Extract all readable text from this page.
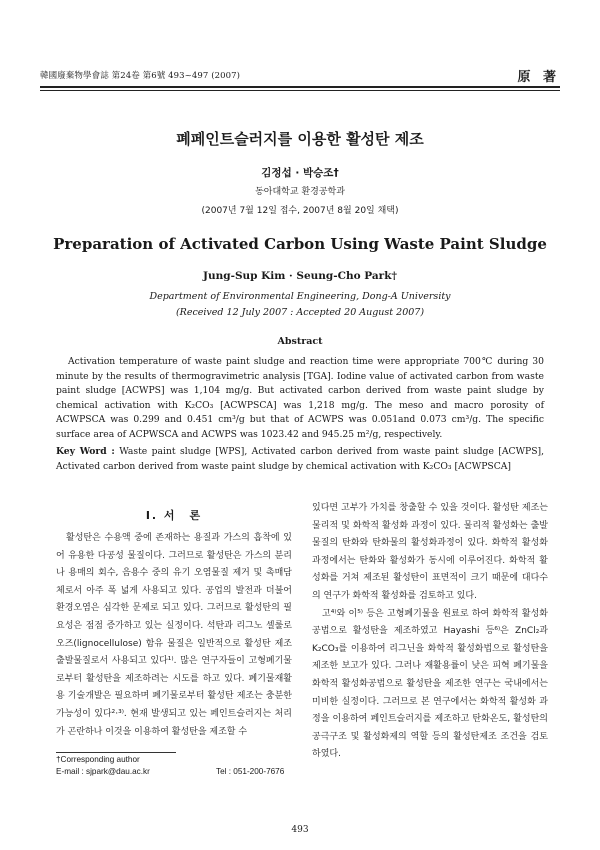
韓國廢棄物學會誌 第24卷 第6號 493~497 (2007)	原 著
폐페인트슬러지를 이용한 활성탄 제조
김정섭 · 박승조†
동아대학교 환경공학과
(2007년 7월 12일 접수, 2007년 8월 20일 채택)
Preparation of Activated Carbon Using Waste Paint Sludge
Jung-Sup Kim · Seung-Cho Park†
Department of Environmental Engineering, Dong-A University
(Received 12 July 2007 : Accepted 20 August 2007)
Abstract
Activation temperature of waste paint sludge and reaction time were appropriate 700℃ during 30 minute by the results of thermogravimetric analysis [TGA]. Iodine value of activated carbon from waste paint sludge [ACWPS] was 1,104 mg/g. But activated carbon derived from waste paint sludge by chemical activation with K₂CO₃ [ACWPSCA] was 1,218 mg/g. The meso and macro porosity of ACWPSCA was 0.299 and 0.451 cm³/g but that of ACWPS was 0.051and 0.073 cm³/g. The specific surface area of ACPWSCA and ACWPS was 1023.42 and 945.25 m²/g, respectively.
Key Word : Waste paint sludge [WPS], Activated carbon derived from waste paint sludge [ACWPS], Activated carbon derived from waste paint sludge by chemical activation with K₂CO₃ [ACWPSCA]
I. 서　론
활성탄은 수용액 중에 존재하는 용질과 가스의 흡착에 있어 유용한 다공성 물질이다. 그러므로 활성탄은 가스의 분리나 용매의 회수, 음용수 중의 유기 오염물질 제거 및 촉매담체로서 아주 폭 넓게 사용되고 있다. 공업의 발전과 더불어 환경오염은 심각한 문제로 되고 있다. 그러므로 활성탄의 필요성은 점점 증가하고 있는 실정이다. 석탄과 리그노 셀룰로오즈(lignocellulose) 함유 물질은 일반적으로 활성탄 제조 출발물질로서 사용되고 있다¹⁾. 많은 연구자들이 고형폐기물로부터 활성탄을 제조하려는 시도를 하고 있다. 폐기물재활용 기술개발은 필요하며 폐기물로부터 활성탄 제조는 충분한 가능성이 있다²·³⁾. 현재 발생되고 있는 페인트슬러지는 처리가 곤란하나 이것을 이용하여 활성탄을 제조할 수

있다면 고부가 가치를 창출할 수 있을 것이다. 활성탄 제조는 물리적 및 화학적 활성화 과정이 있다. 물리적 활성화는 출발물질의 탄화와 탄화물의 활성화과정이 있다. 화학적 활성화 과정에서는 탄화와 활성화가 동시에 이루어진다. 화학적 활성화를 거쳐 제조된 활성탄이 표면적이 크기 때문에 대다수의 연구가 화학적 활성화를 검토하고 있다.

고⁴⁾와 이⁵⁾ 등은 고형폐기물을 원료로 하여 화학적 활성화공법으로 활성탄을 제조하였고 Hayashi 등⁶⁾은 ZnCl₂과 K₂CO₃를 이용하여 리그닌을 화학적 활성화법으로 활성탄을 제조한 보고가 있다. 그러나 재활용률이 낮은 피혁 폐기물을 화학적 활성화공법으로 활성탄을 제조한 연구는 국내에서는 미비한 실정이다. 그러므로 본 연구에서는 화학적 활성화 과정을 이용하여 페인트슬러지를 제조하고 탄화온도, 활성탄의 공극구조 및 활성화제의 역할 등의 활성탄제조 조건을 검토하였다.

†Corresponding author
E-mail : sjpark@dau.ac.kr	Tel : 051-200-7676
493
